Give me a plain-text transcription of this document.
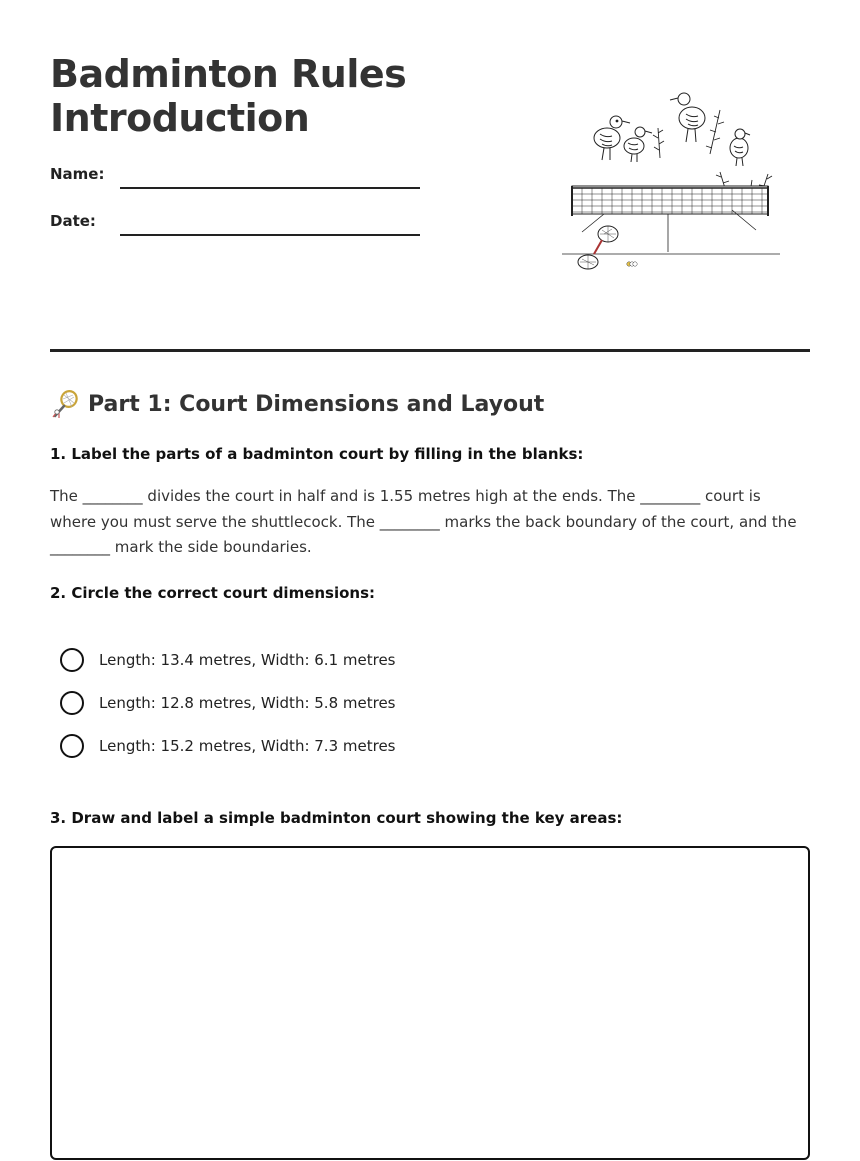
Badminton Rules
Introduction
Name:
Date:
Part 1: Court Dimensions and Layout
1. Label the parts of a badminton court by filling in the blanks:
The ________ divides the court in half and is 1.55 metres high at the ends. The ________ court is where you must serve the shuttlecock. The ________ marks the back boundary of the court, and the ________ mark the side boundaries.
2. Circle the correct court dimensions:
Length: 13.4 metres, Width: 6.1 metres
Length: 12.8 metres, Width: 5.8 metres
Length: 15.2 metres, Width: 7.3 metres
3. Draw and label a simple badminton court showing the key areas:
